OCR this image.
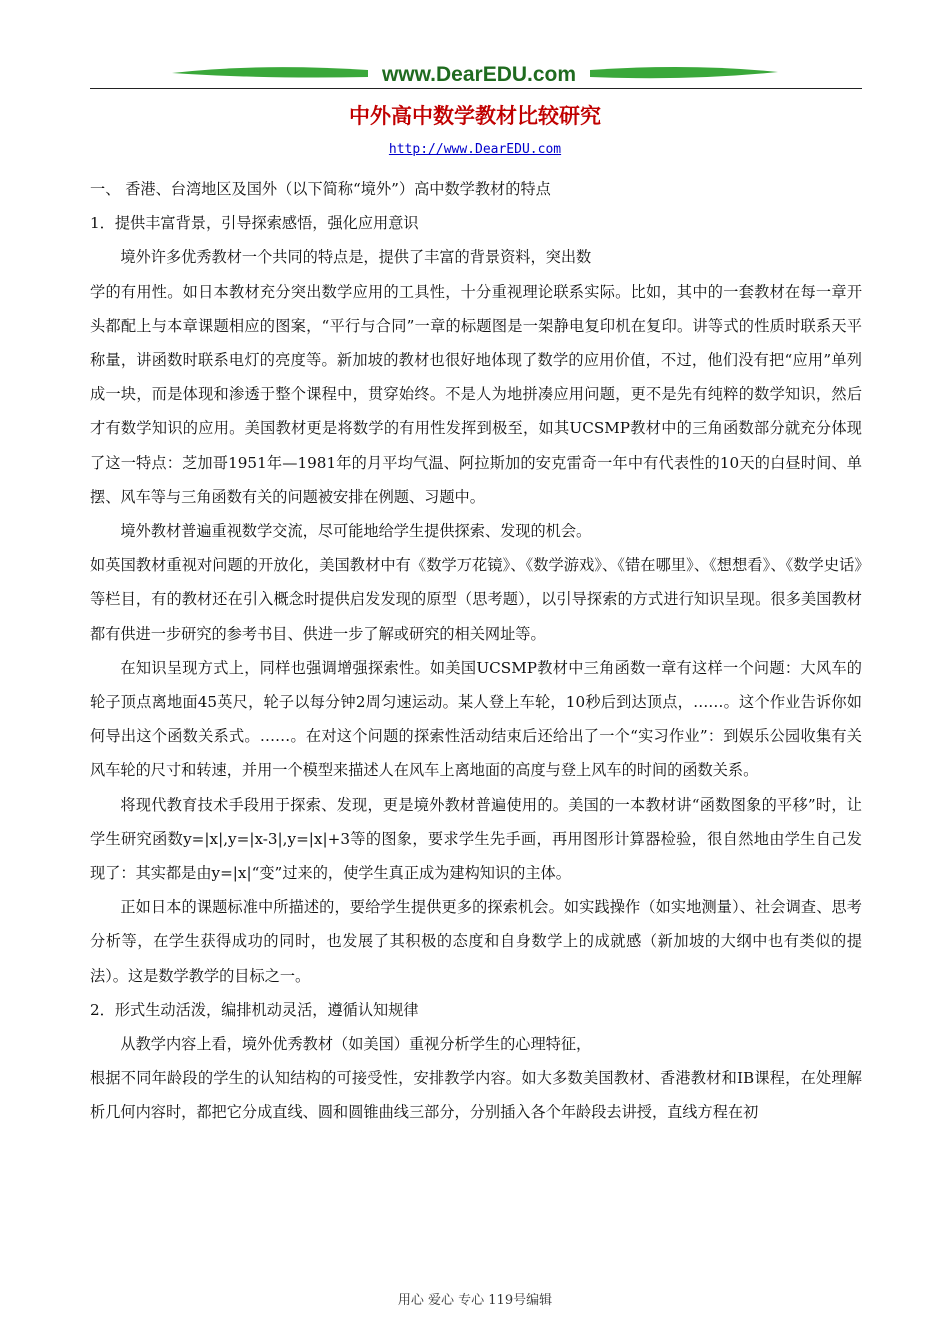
www.DearEDU.com
中外高中数学教材比较研究
http://www.DearEDU.com

一、 香港、台湾地区及国外（以下简称“境外”）高中数学教材的特点

1．提供丰富背景，引导探索感悟，强化应用意识

境外许多优秀教材一个共同的特点是，提供了丰富的背景资料，突出数

学的有用性。如日本教材充分突出数学应用的工具性，十分重视理论联系实际。比如，其中的一套教材在每一章开头都配上与本章课题相应的图案，“平行与合同”一章的标题图是一架静电复印机在复印。讲等式的性质时联系天平称量，讲函数时联系电灯的亮度等。新加坡的教材也很好地体现了数学的应用价值，不过，他们没有把“应用”单列成一块，而是体现和渗透于整个课程中，贯穿始终。不是人为地拼凑应用问题，更不是先有纯粹的数学知识，然后才有数学知识的应用。美国教材更是将数学的有用性发挥到极至，如其UCSMP教材中的三角函数部分就充分体现了这一特点：芝加哥1951年—1981年的月平均气温、阿拉斯加的安克雷奇一年中有代表性的10天的白昼时间、单摆、风车等与三角函数有关的问题被安排在例题、习题中。

境外教材普遍重视数学交流，尽可能地给学生提供探索、发现的机会。

如英国教材重视对问题的开放化，美国教材中有《数学万花镜》、《数学游戏》、《错在哪里》、《想想看》、《数学史话》等栏目，有的教材还在引入概念时提供启发发现的原型（思考题），以引导探索的方式进行知识呈现。很多美国教材都有供进一步研究的参考书目、供进一步了解或研究的相关网址等。

在知识呈现方式上，同样也强调增强探索性。如美国UCSMP教材中三角函数一章有这样一个问题：大风车的轮子顶点离地面45英尺，轮子以每分钟2周匀速运动。某人登上车轮，10秒后到达顶点，……。这个作业告诉你如何导出这个函数关系式。……。在对这个问题的探索性活动结束后还给出了一个“实习作业”：到娱乐公园收集有关风车轮的尺寸和转速，并用一个模型来描述人在风车上离地面的高度与登上风车的时间的函数关系。

将现代教育技术手段用于探索、发现，更是境外教材普遍使用的。美国的一本教材讲“函数图象的平移”时，让学生研究函数y=|x|,y=|x-3|,y=|x|+3等的图象，要求学生先手画，再用图形计算器检验，很自然地由学生自己发现了：其实都是由y=|x|“变”过来的，使学生真正成为建构知识的主体。

正如日本的课题标准中所描述的，要给学生提供更多的探索机会。如实践操作（如实地测量）、社会调查、思考分析等，在学生获得成功的同时，也发展了其积极的态度和自身数学上的成就感（新加坡的大纲中也有类似的提法）。这是数学教学的目标之一。

2．形式生动活泼，编排机动灵活，遵循认知规律

从教学内容上看，境外优秀教材（如美国）重视分析学生的心理特征，

根据不同年龄段的学生的认知结构的可接受性，安排教学内容。如大多数美国教材、香港教材和IB课程，在处理解析几何内容时，都把它分成直线、圆和圆锥曲线三部分，分别插入各个年龄段去讲授，直线方程在初

用心 爱心 专心 119号编辑
